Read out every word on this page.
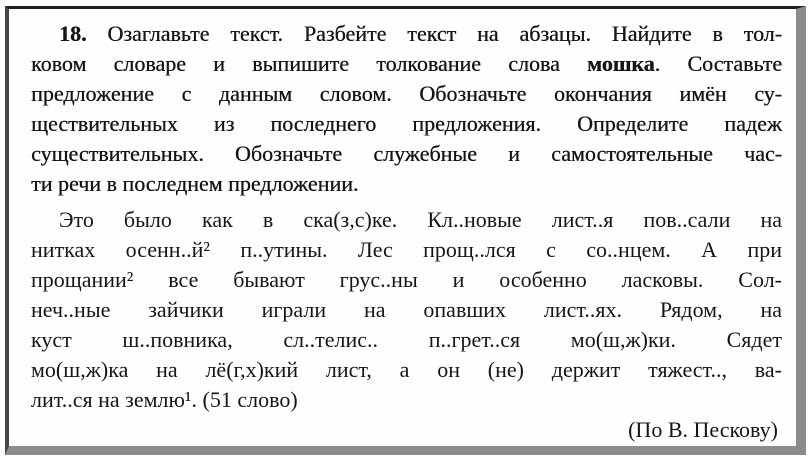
18. Озаглавьте текст. Разбейте текст на абзацы. Найдите в тол-
ковом словаре и выпишите толкование слова мошка. Составьте
предложение с данным словом. Обозначьте окончания имён су-
ществительных из последнего предложения. Определите падеж
существительных. Обозначьте служебные и самостоятельные час-
ти речи в последнем предложении.
Это было как в ска(з,с)ке. Кл..новые лист..я пов..сали на
нитках осенн..й² п..утины. Лес прощ..лся с со..нцем. А при
прощании² все бывают грус..ны и особенно ласковы. Сол-
неч..ные зайчики играли на опавших лист..ях. Рядом, на
куст ш..повника, сл..телис.. п..грет..ся мо(ш,ж)ки. Сядет
мо(ш,ж)ка на лё(г,х)кий лист, а он (не) держит тяжест.., ва-
лит..ся на землю¹. (51 слово)
(По В. Пескову)
